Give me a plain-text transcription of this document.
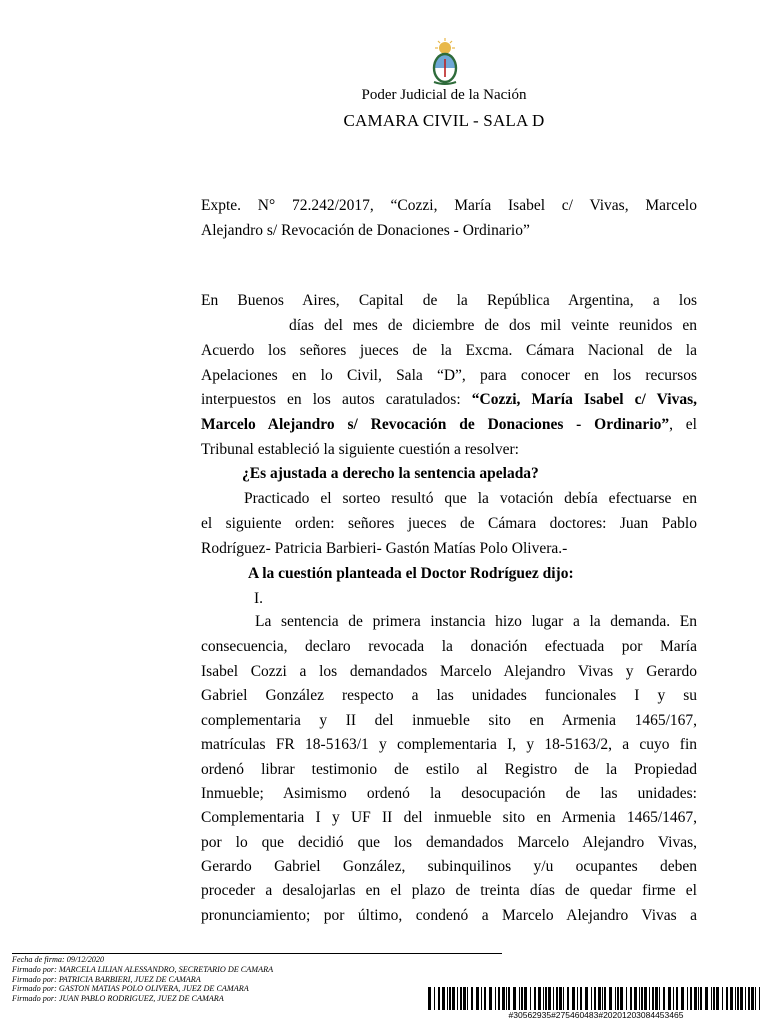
Poder Judicial de la Nación
CAMARA CIVIL - SALA D
Expte. N° 72.242/2017, “Cozzi, María Isabel c/ Vivas, Marcelo
Alejandro s/ Revocación de Donaciones - Ordinario”
En Buenos Aires, Capital de la República Argentina, a los
días del mes de diciembre de dos mil veinte reunidos en
Acuerdo los señores jueces de la Excma. Cámara Nacional de la
Apelaciones en lo Civil, Sala “D”, para conocer en los recursos
interpuestos en los autos caratulados: “Cozzi, María Isabel c/ Vivas,
Marcelo Alejandro s/ Revocación de Donaciones - Ordinario”, el
Tribunal estableció la siguiente cuestión a resolver:
¿Es ajustada a derecho la sentencia apelada?
Practicado el sorteo resultó que la votación debía efectuarse en
el siguiente orden: señores jueces de Cámara doctores: Juan Pablo
Rodríguez- Patricia Barbieri- Gastón Matías Polo Olivera.-
A la cuestión planteada el Doctor Rodríguez dijo:
I.
La sentencia de primera instancia hizo lugar a la demanda. En
consecuencia, declaro revocada la donación efectuada por María
Isabel Cozzi a los demandados Marcelo Alejandro Vivas y Gerardo
Gabriel González respecto a las unidades funcionales I y su
complementaria y II del inmueble sito en Armenia 1465/167,
matrículas FR 18-5163/1 y complementaria I, y 18-5163/2, a cuyo fin
ordenó librar testimonio de estilo al Registro de la Propiedad
Inmueble; Asimismo ordenó la desocupación de las unidades:
Complementaria I y UF II del inmueble sito en Armenia 1465/1467,
por lo que decidió que los demandados Marcelo Alejandro Vivas,
Gerardo Gabriel González, subinquilinos y/u ocupantes deben
proceder a desalojarlas en el plazo de treinta días de quedar firme el
pronunciamiento; por último, condenó a Marcelo Alejandro Vivas a
Fecha de firma: 09/12/2020
Firmado por: MARCELA LILIAN ALESSANDRO, SECRETARIO DE CAMARA
Firmado por: PATRICIA BARBIERI, JUEZ DE CAMARA
Firmado por: GASTON MATIAS POLO OLIVERA, JUEZ DE CAMARA
Firmado por: JUAN PABLO RODRIGUEZ, JUEZ DE CAMARA
#30562935#275460483#20201203084453465
